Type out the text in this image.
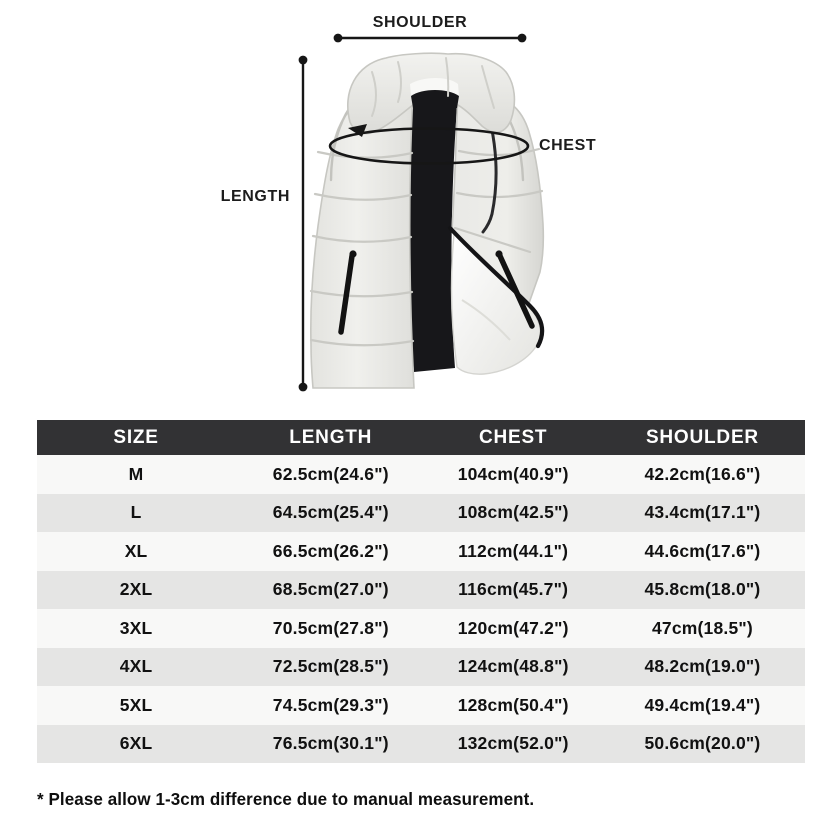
SHOULDER
LENGTH
CHEST
SIZE	LENGTH	CHEST	SHOULDER
M	62.5cm(24.6")	104cm(40.9")	42.2cm(16.6")
L	64.5cm(25.4")	108cm(42.5")	43.4cm(17.1")
XL	66.5cm(26.2")	112cm(44.1")	44.6cm(17.6")
2XL	68.5cm(27.0")	116cm(45.7")	45.8cm(18.0")
3XL	70.5cm(27.8")	120cm(47.2")	47cm(18.5")
4XL	72.5cm(28.5")	124cm(48.8")	48.2cm(19.0")
5XL	74.5cm(29.3")	128cm(50.4")	49.4cm(19.4")
6XL	76.5cm(30.1")	132cm(52.0")	50.6cm(20.0")
* Please allow 1-3cm difference due to manual measurement.
